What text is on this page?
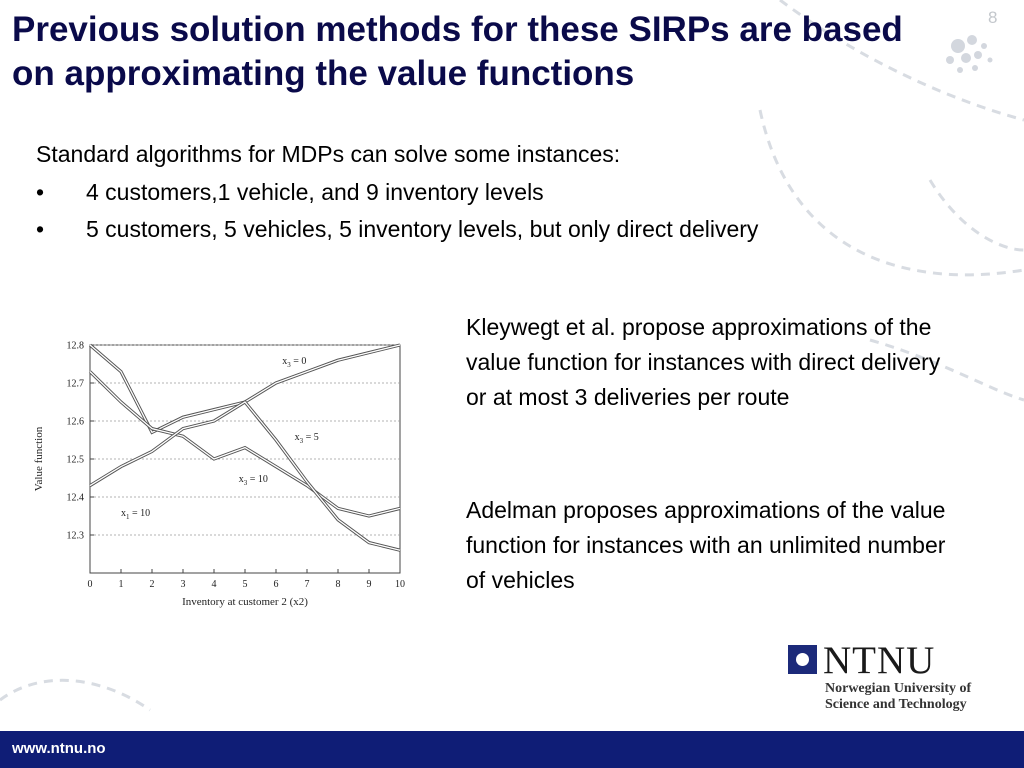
Previous solution methods for these SIRPs are based on approximating the value functions
8

Standard algorithms for MDPs can solve some instances:

• 4 customers,1 vehicle, and 9 inventory levels
• 5 customers, 5 vehicles, 5 inventory levels, but only direct delivery
12.8
12.7
12.6
12.5
12.4
12.3
0	1	2	3	4	5	6	7	8	9 10
$x_3 = 0$
$x_3 = 5$
$x_3 = 10$
$x_1 = 10$
Inventory at customer 2 (x2)
Value function

Kleywegt et al. propose approximations of the value function for instances with direct delivery or at most 3 deliveries per route

Adelman proposes approximations of the value function for instances with an unlimited number of vehicles

NTNU
Norwegian University of
Science and Technology
www.ntnu.no
